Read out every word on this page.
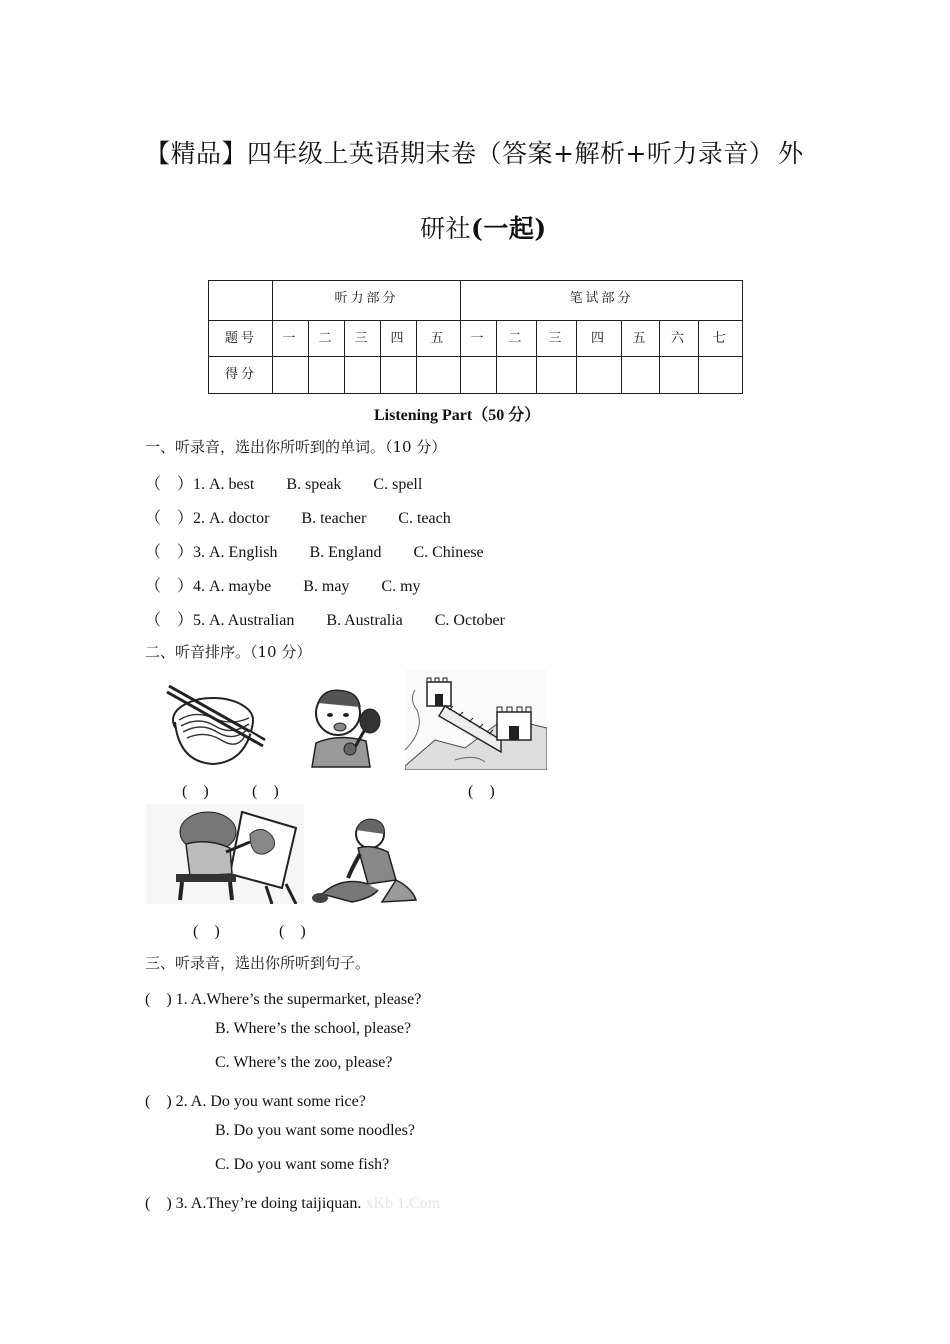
【精品】四年级上英语期末卷（答案+解析+听力录音） 外
研社(一起)
	听力部分					笔试部分						
题号	一	二	三	四	五	一	二	三	四	五	六	七
得分												
Listening Part（50 分）
一、听录音，选出你所听到的单词。（10 分）
（　）1. A. best　　B. speak　　C. spell
（　）2. A. doctor　　B. teacher　　C. teach
（　）3. A. English　　B. England　　C. Chinese
（　）4. A. maybe　　B. may　　C. my
（　）5. A. Australian　　B. Australia　　C. October
二、听音排序。（10 分）
(　)	(　)	(　)
(　)	(　)
三、听录音，选出你所听到句子。
(　) 1. A.Where’s the supermarket, please?
B. Where’s the school, please?
C. Where’s the zoo, please?
(　) 2. A. Do you want some rice?
B. Do you want some noodles?
C. Do you want some fish?
(　) 3. A.They’re doing taijiquan. xKb 1.Com
